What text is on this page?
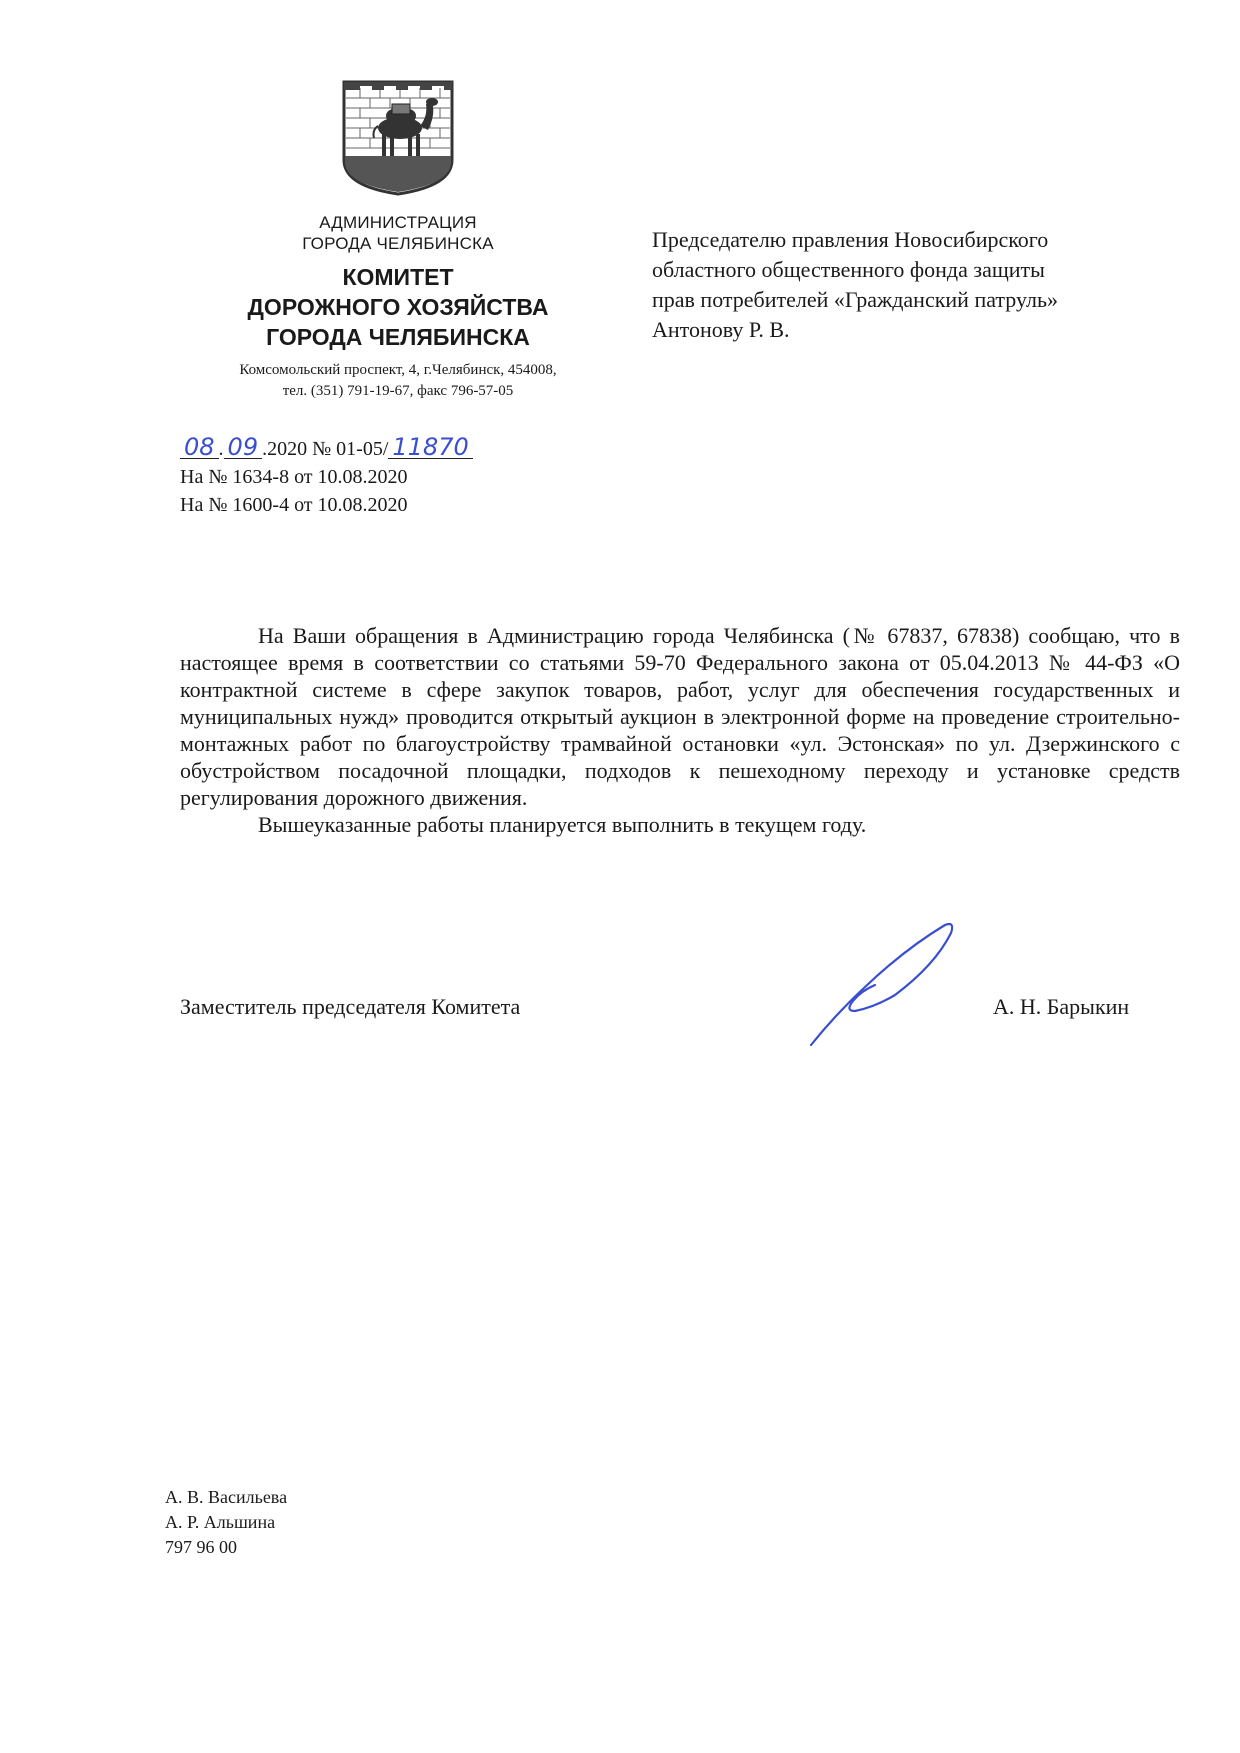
АДМИНИСТРАЦИЯ
ГОРОДА ЧЕЛЯБИНСКА
КОМИТЕТ
ДОРОЖНОГО ХОЗЯЙСТВА
ГОРОДА ЧЕЛЯБИНСКА
Комсомольский проспект, 4, г.Челябинск, 454008,
тел. (351) 791-19-67, факс 796-57-05
08 . 09 .2020 № 01-05/ 11870
На № 1634-8 от 10.08.2020
На № 1600-4 от 10.08.2020
Председателю правления Новосибирского
областного общественного фонда защиты
прав потребителей «Гражданский патруль»
Антонову Р. В.

На Ваши обращения в Администрацию города Челябинска (№ 67837, 67838) сообщаю, что в настоящее время в соответствии со статьями 59-70 Федерального закона от 05.04.2013 № 44-ФЗ «О контрактной системе в сфере закупок товаров, работ, услуг для обеспечения государственных и муниципальных нужд» проводится открытый аукцион в электронной форме на проведение строительно-монтажных работ по благоустройству трамвайной остановки «ул. Эстонская» по ул. Дзержинского с обустройством посадочной площадки, подходов к пешеходному переходу и установке средств регулирования дорожного движения.

Вышеуказанные работы планируется выполнить в текущем году.

Заместитель председателя Комитета	А. Н. Барыкин
А. В. Васильева
А. Р. Альшина
797 96 00
